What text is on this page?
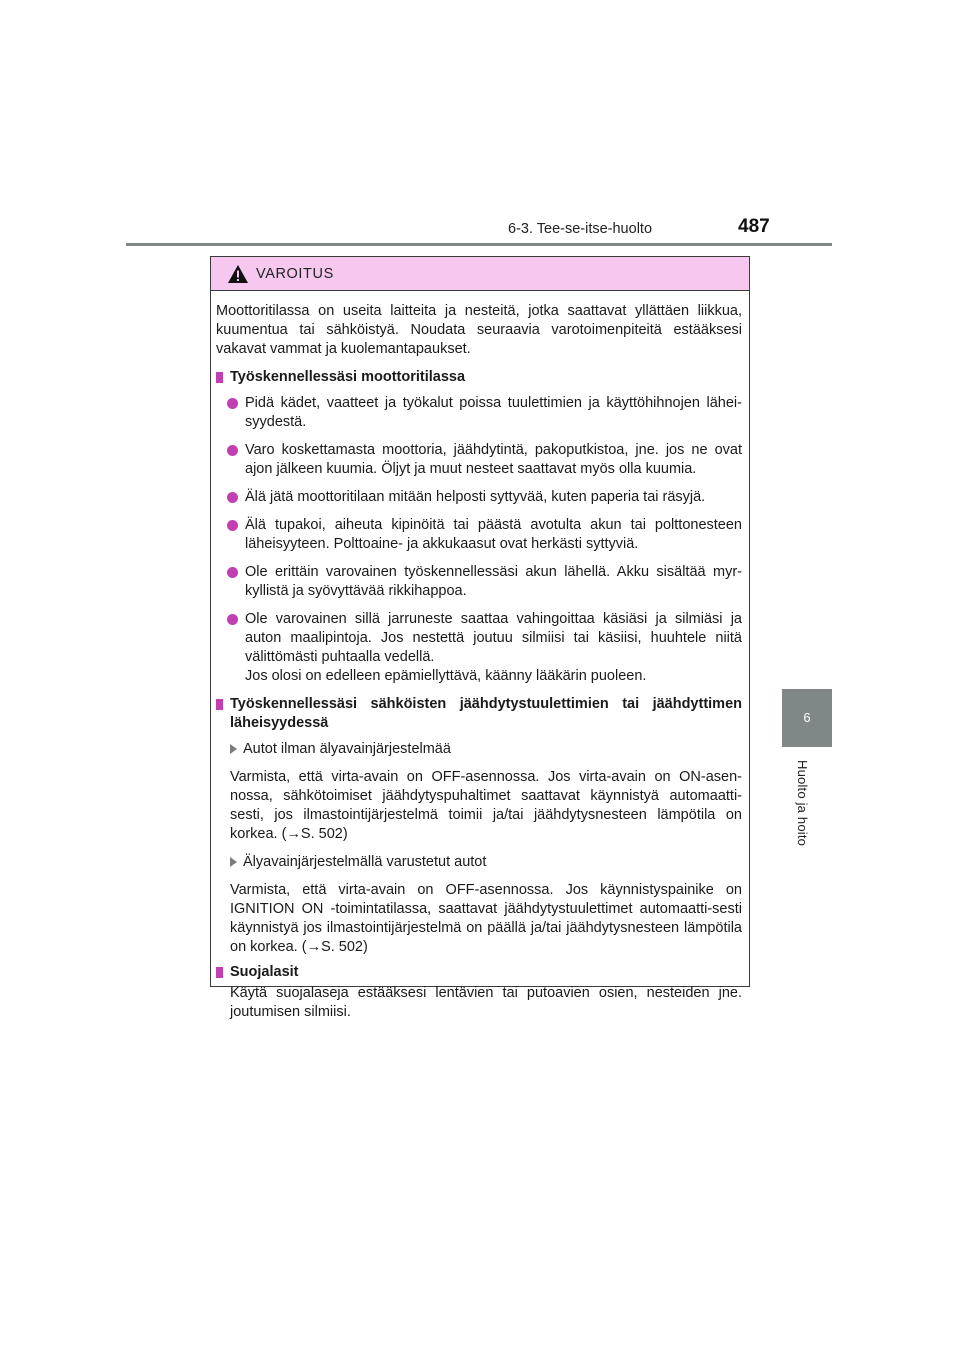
6-3. Tee-se-itse-huolto	487
6
Huolto ja hoito
VAROITUS
Moottoritilassa on useita laitteita ja nesteitä, jotka saattavat yllättäen liikkua, kuumentua tai sähköistyä. Noudata seuraavia varotoimenpiteitä estääksesi vakavat vammat ja kuolemantapaukset.
Työskennellessäsi moottoritilassa
Pidä kädet, vaatteet ja työkalut poissa tuulettimien ja käyttöhihnojen lähei-syydestä.
Varo koskettamasta moottoria, jäähdytintä, pakoputkistoa, jne. jos ne ovat ajon jälkeen kuumia. Öljyt ja muut nesteet saattavat myös olla kuumia.
Älä jätä moottoritilaan mitään helposti syttyvää, kuten paperia tai räsyjä.
Älä tupakoi, aiheuta kipinöitä tai päästä avotulta akun tai polttonesteen läheisyyteen. Polttoaine- ja akkukaasut ovat herkästi syttyviä.
Ole erittäin varovainen työskennellessäsi akun lähellä. Akku sisältää myr-kyllistä ja syövyttävää rikkihappoa.
Ole varovainen sillä jarruneste saattaa vahingoittaa käsiäsi ja silmiäsi ja auton maalipintoja. Jos nestettä joutuu silmiisi tai käsiisi, huuhtele niitä välittömästi puhtaalla vedellä.
Jos olosi on edelleen epämiellyttävä, käänny lääkärin puoleen.
Työskennellessäsi sähköisten jäähdytystuulettimien tai jäähdyttimen läheisyydessä
Autot ilman älyavainjärjestelmää
Varmista, että virta-avain on OFF-asennossa. Jos virta-avain on ON-asen-nossa, sähkötoimiset jäähdytyspuhaltimet saattavat käynnistyä automaatti-sesti, jos ilmastointijärjestelmä toimii ja/tai jäähdytysnesteen lämpötila on korkea. (→S. 502)
Älyavainjärjestelmällä varustetut autot
Varmista, että virta-avain on OFF-asennossa. Jos käynnistyspainike on IGNITION ON -toimintatilassa, saattavat jäähdytystuulettimet automaatti-sesti käynnistyä jos ilmastointijärjestelmä on päällä ja/tai jäähdytysnesteen lämpötila on korkea. (→S. 502)
Suojalasit
Käytä suojalaseja estääksesi lentävien tai putoavien osien, nesteiden jne. joutumisen silmiisi.
